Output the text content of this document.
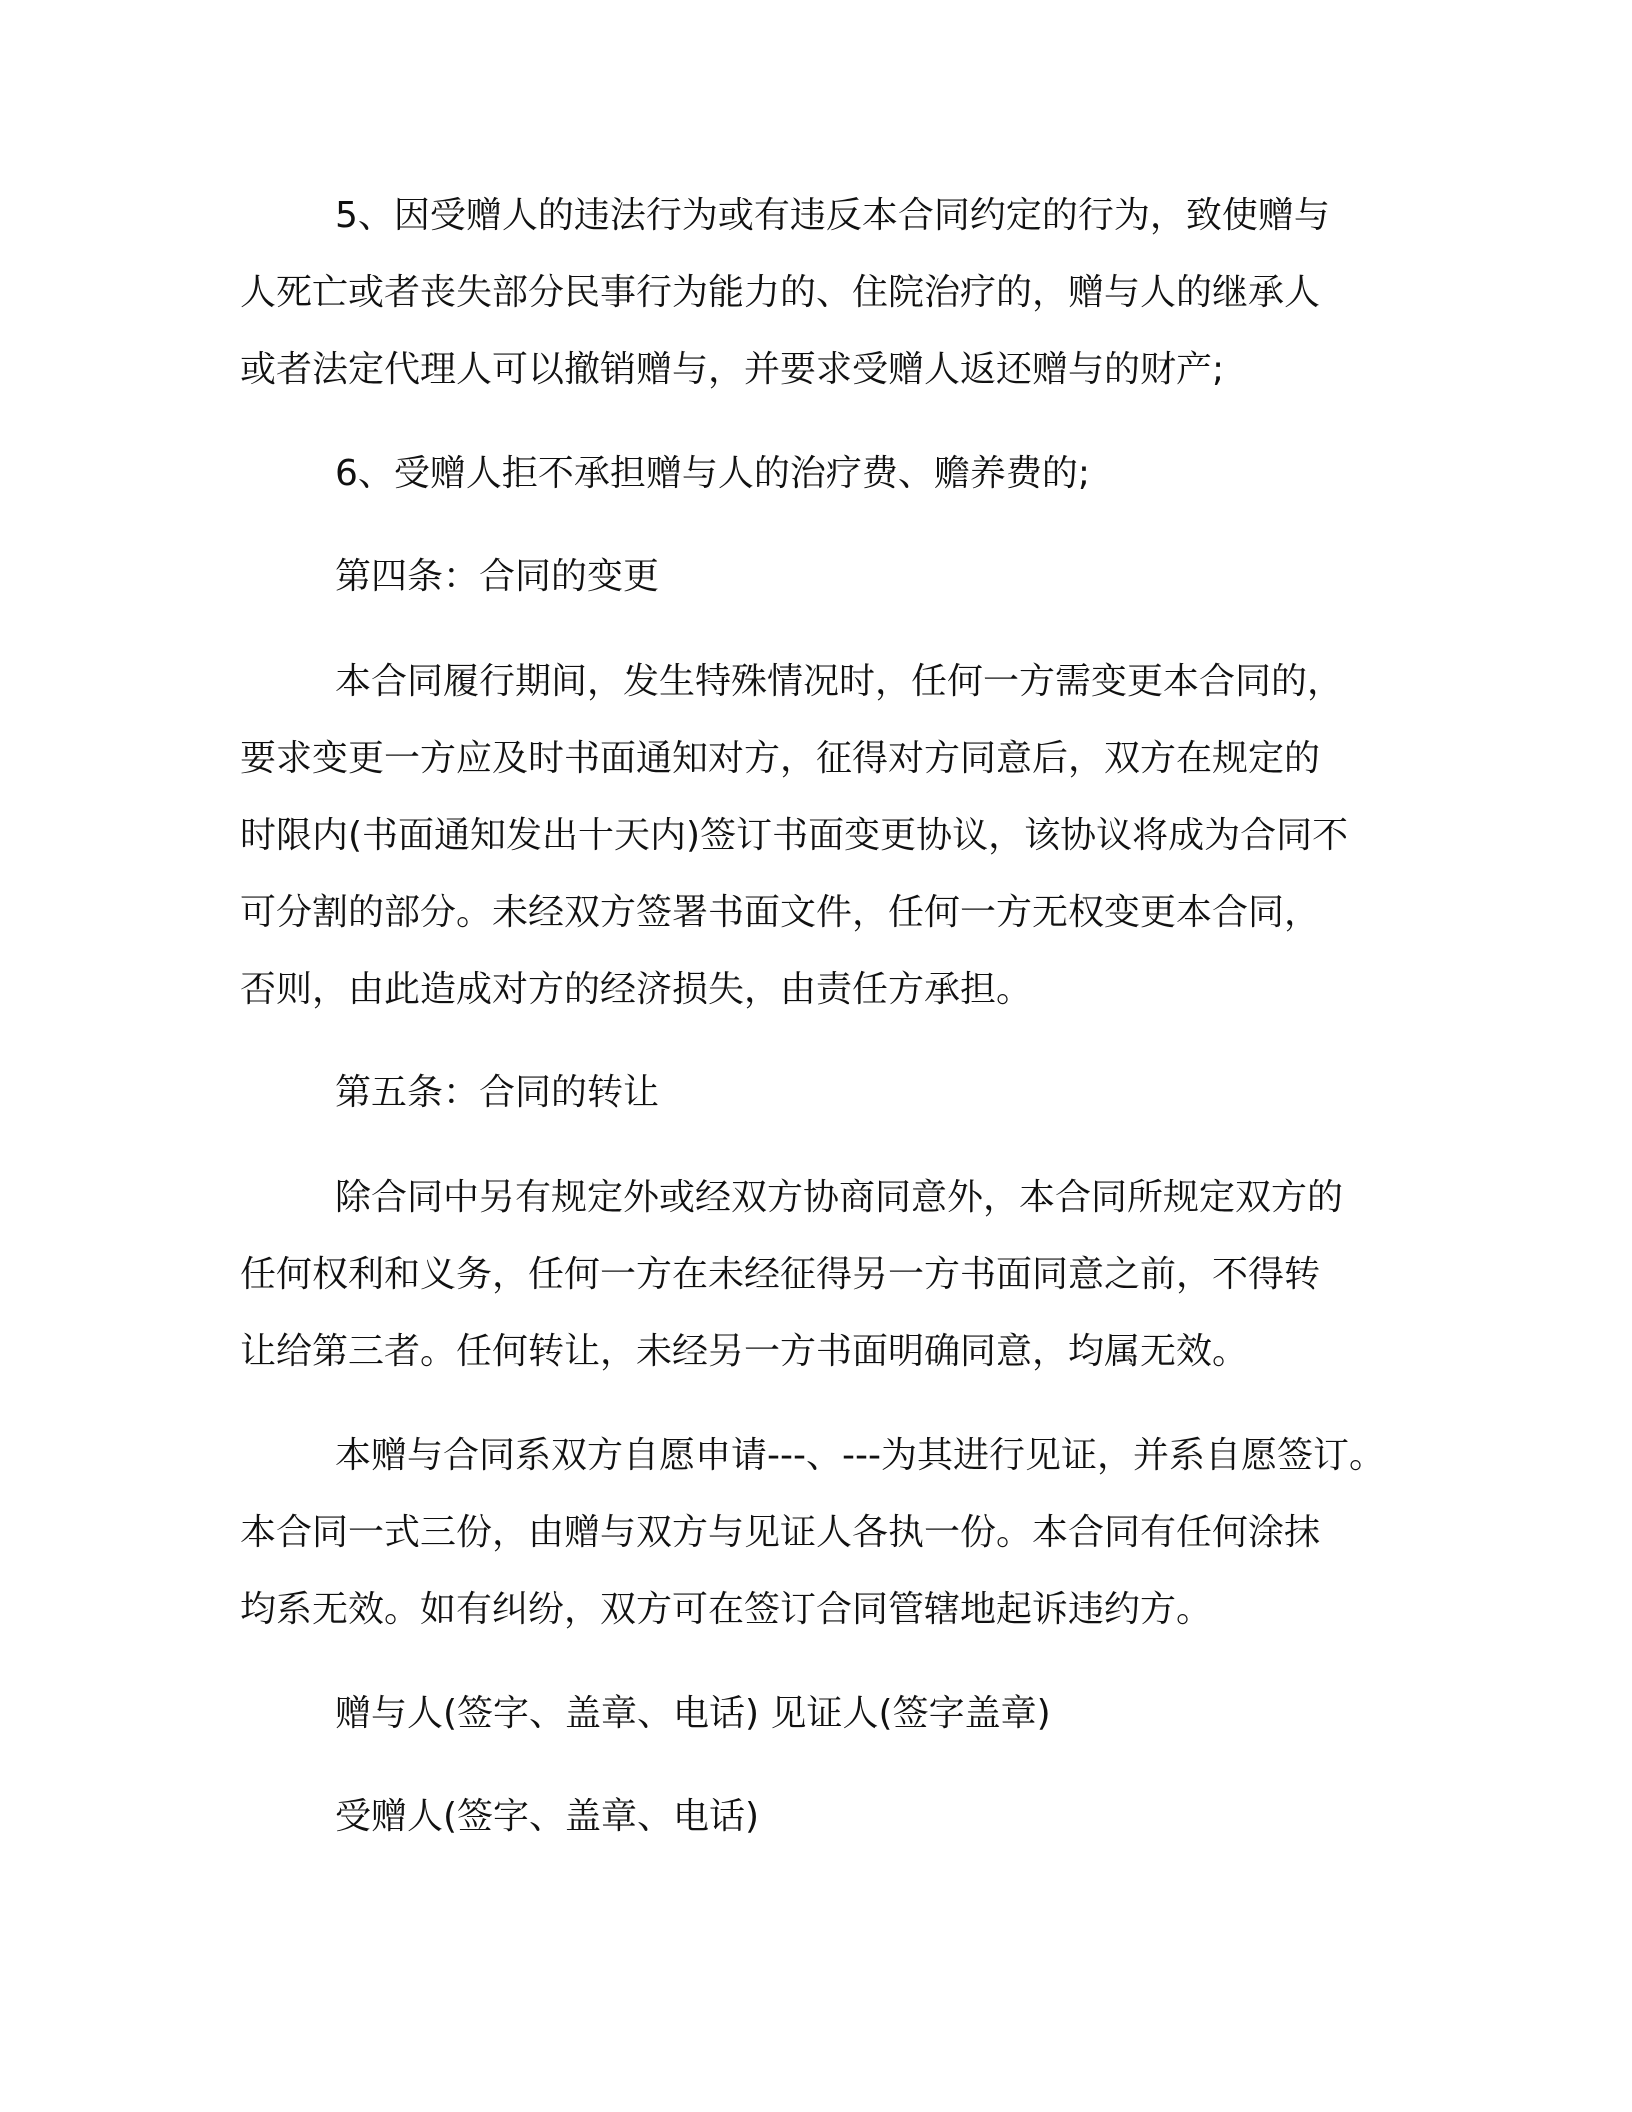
5、因受赠人的违法行为或有违反本合同约定的行为，致使赠与
人死亡或者丧失部分民事行为能力的、住院治疗的，赠与人的继承人
或者法定代理人可以撤销赠与，并要求受赠人返还赠与的财产;
6、受赠人拒不承担赠与人的治疗费、赡养费的;
第四条：合同的变更
本合同履行期间，发生特殊情况时，任何一方需变更本合同的，
要求变更一方应及时书面通知对方，征得对方同意后，双方在规定的
时限内(书面通知发出十天内)签订书面变更协议，该协议将成为合同不
可分割的部分。未经双方签署书面文件，任何一方无权变更本合同，
否则，由此造成对方的经济损失，由责任方承担。
第五条：合同的转让
除合同中另有规定外或经双方协商同意外，本合同所规定双方的
任何权利和义务，任何一方在未经征得另一方书面同意之前，不得转
让给第三者。任何转让，未经另一方书面明确同意，均属无效。
本赠与合同系双方自愿申请---、---为其进行见证，并系自愿签订。
本合同一式三份，由赠与双方与见证人各执一份。本合同有任何涂抹
均系无效。如有纠纷，双方可在签订合同管辖地起诉违约方。
赠与人(签字、盖章、电话) 见证人(签字盖章)
受赠人(签字、盖章、电话)
